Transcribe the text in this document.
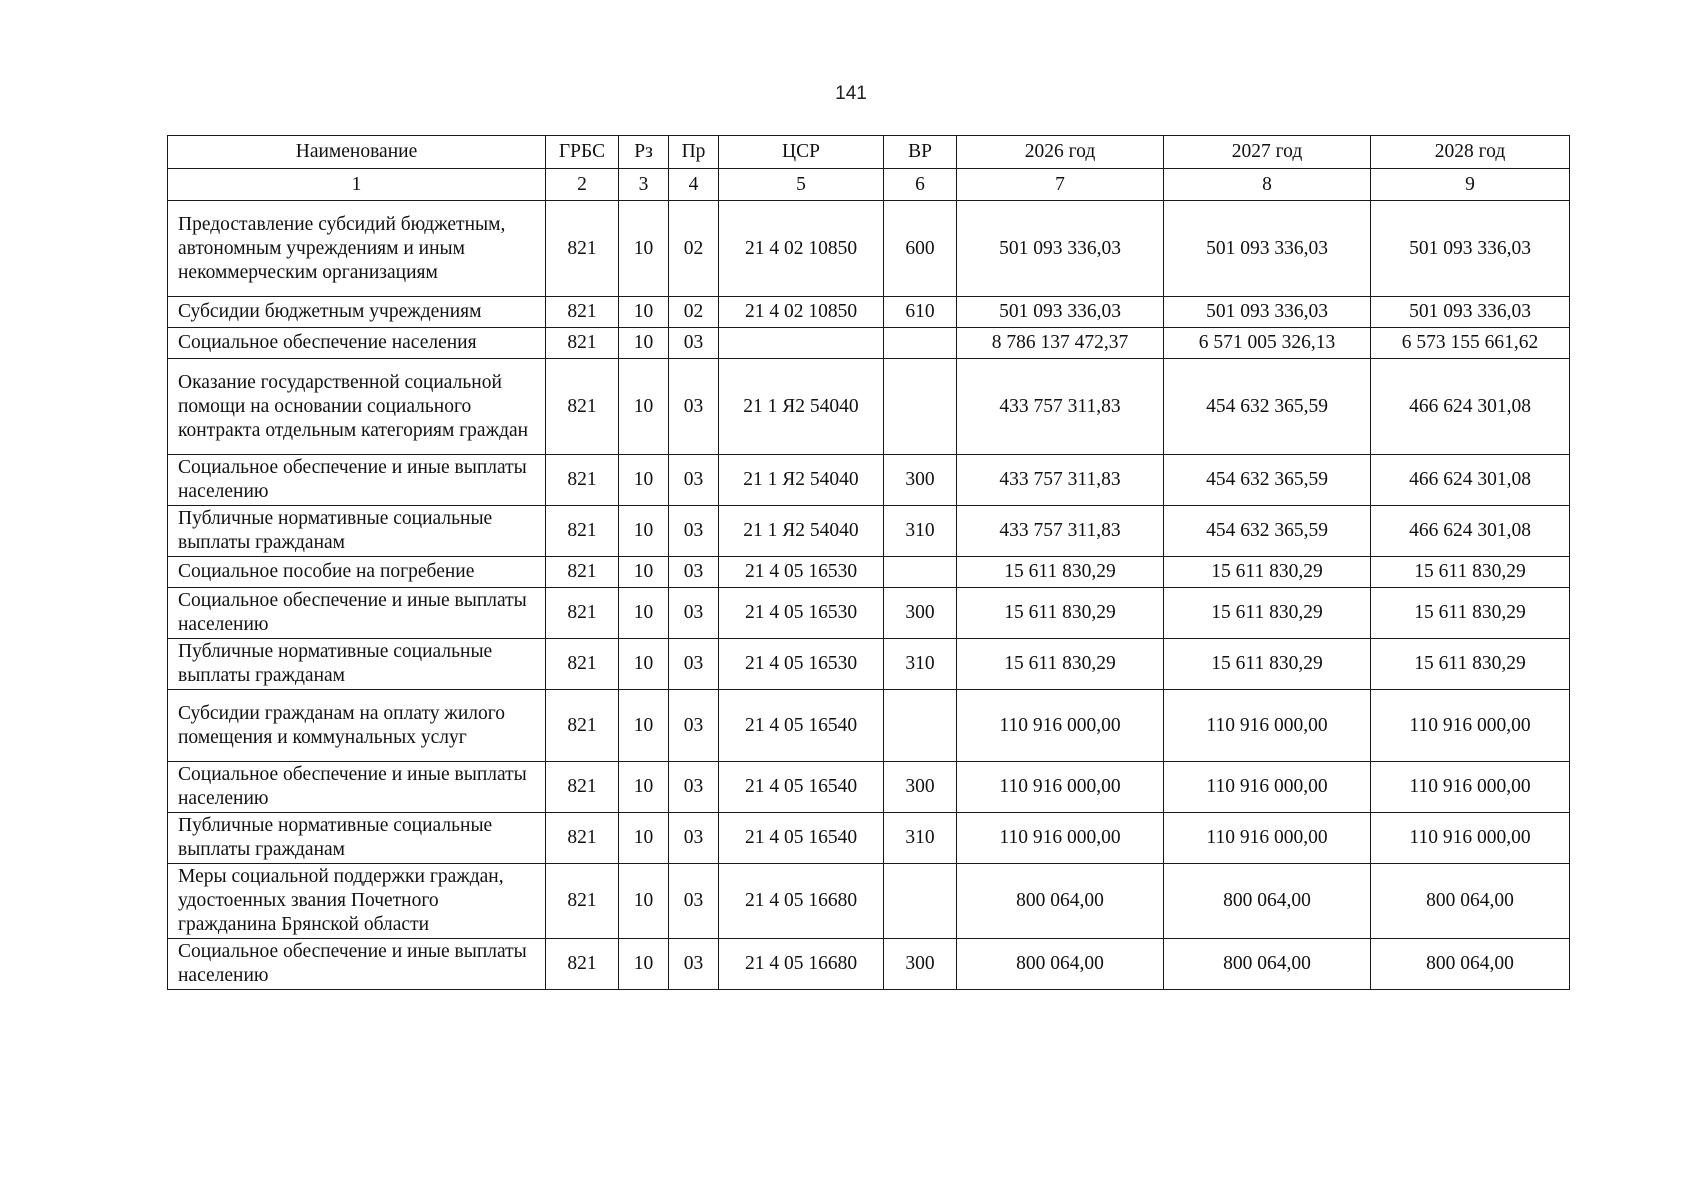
141
Наименование	ГРБС	Рз	Пр	ЦСР	ВР	2026 год	2027 год	2028 год
1	2	3	4	5	6	7	8	9
Предоставление субсидий бюджетным, автономным учреждениям и иным некоммерческим организациям	821	10	02	21 4 02 10850	600	501 093 336,03	501 093 336,03	501 093 336,03
Субсидии бюджетным учреждениям	821	10	02	21 4 02 10850	610	501 093 336,03	501 093 336,03	501 093 336,03
Социальное обеспечение населения	821	10	03			8 786 137 472,37	6 571 005 326,13	6 573 155 661,62
Оказание государственной социальной помощи на основании социального контракта отдельным категориям граждан	821	10	03	21 1 Я2 54040		433 757 311,83	454 632 365,59	466 624 301,08
Социальное обеспечение и иные выплаты населению	821	10	03	21 1 Я2 54040	300	433 757 311,83	454 632 365,59	466 624 301,08
Публичные нормативные социальные выплаты гражданам	821	10	03	21 1 Я2 54040	310	433 757 311,83	454 632 365,59	466 624 301,08
Социальное пособие на погребение	821	10	03	21 4 05 16530		15 611 830,29	15 611 830,29	15 611 830,29
Социальное обеспечение и иные выплаты населению	821	10	03	21 4 05 16530	300	15 611 830,29	15 611 830,29	15 611 830,29
Публичные нормативные социальные выплаты гражданам	821	10	03	21 4 05 16530	310	15 611 830,29	15 611 830,29	15 611 830,29
Субсидии гражданам на оплату жилого помещения и коммунальных услуг	821	10	03	21 4 05 16540		110 916 000,00	110 916 000,00	110 916 000,00
Социальное обеспечение и иные выплаты населению	821	10	03	21 4 05 16540	300	110 916 000,00	110 916 000,00	110 916 000,00
Публичные нормативные социальные выплаты гражданам	821	10	03	21 4 05 16540	310	110 916 000,00	110 916 000,00	110 916 000,00
Меры социальной поддержки граждан, удостоенных звания Почетного гражданина Брянской области	821	10	03	21 4 05 16680		800 064,00	800 064,00	800 064,00
Социальное обеспечение и иные выплаты населению	821	10	03	21 4 05 16680	300	800 064,00	800 064,00	800 064,00
